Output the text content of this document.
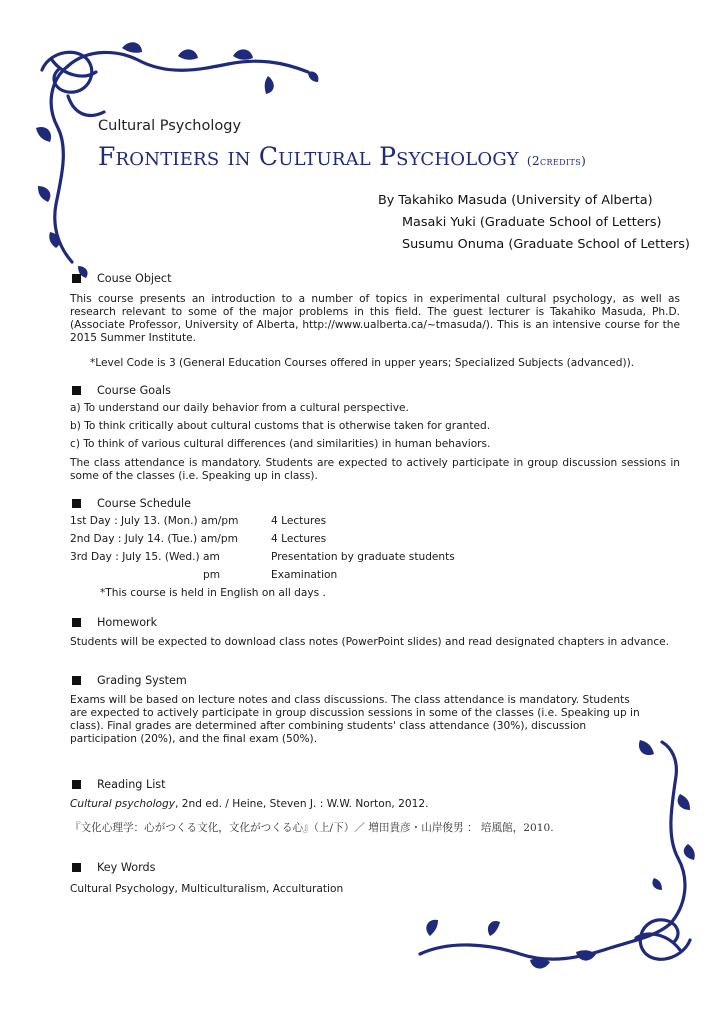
Cultural Psychology
Frontiers in Cultural Psychology (2credits)
By Takahiko Masuda (University of Alberta)
Masaki Yuki (Graduate School of Letters)
Susumu Onuma (Graduate School of Letters)
Couse Object
This course presents an introduction to a number of topics in experimental cultural psychology, as well as research relevant to some of the major problems in this field. The guest lecturer is Takahiko Masuda, Ph.D. (Associate Professor, University of Alberta, http://www.ualberta.ca/~tmasuda/). This is an intensive course for the 2015 Summer Institute.
*Level Code is 3 (General Education Courses offered in upper years; Specialized Subjects (advanced)).
Course Goals
a) To understand our daily behavior from a cultural perspective.
b) To think critically about cultural customs that is otherwise taken for granted.
c) To think of various cultural differences (and similarities) in human behaviors.
The class attendance is mandatory. Students are expected to actively participate in group discussion sessions in some of the classes (i.e. Speaking up in class).
Course Schedule
1st Day : July 13. (Mon.) am/pm	4 Lectures
2nd Day : July 14. (Tue.) am/pm	4 Lectures
3rd Day : July 15. (Wed.) am	Presentation by graduate students
pm	Examination
*This course is held in English on all days .
Homework
Students will be expected to download class notes (PowerPoint slides) and read designated chapters in advance.
Grading System
Exams will be based on lecture notes and class discussions. The class attendance is mandatory. Students are expected to actively participate in group discussion sessions in some of the classes (i.e. Speaking up in class). Final grades are determined after combining students' class attendance (30%), discussion participation (20%), and the final exam (50%).
Reading List
Cultural psychology, 2nd ed. / Heine, Steven J. : W.W. Norton, 2012.
『文化心理学：心がつくる文化，文化がつくる心』（上/下）／ 増田貴彦・山岸俊男 ： 培風館，2010.
Key Words
Cultural Psychology, Multiculturalism, Acculturation
